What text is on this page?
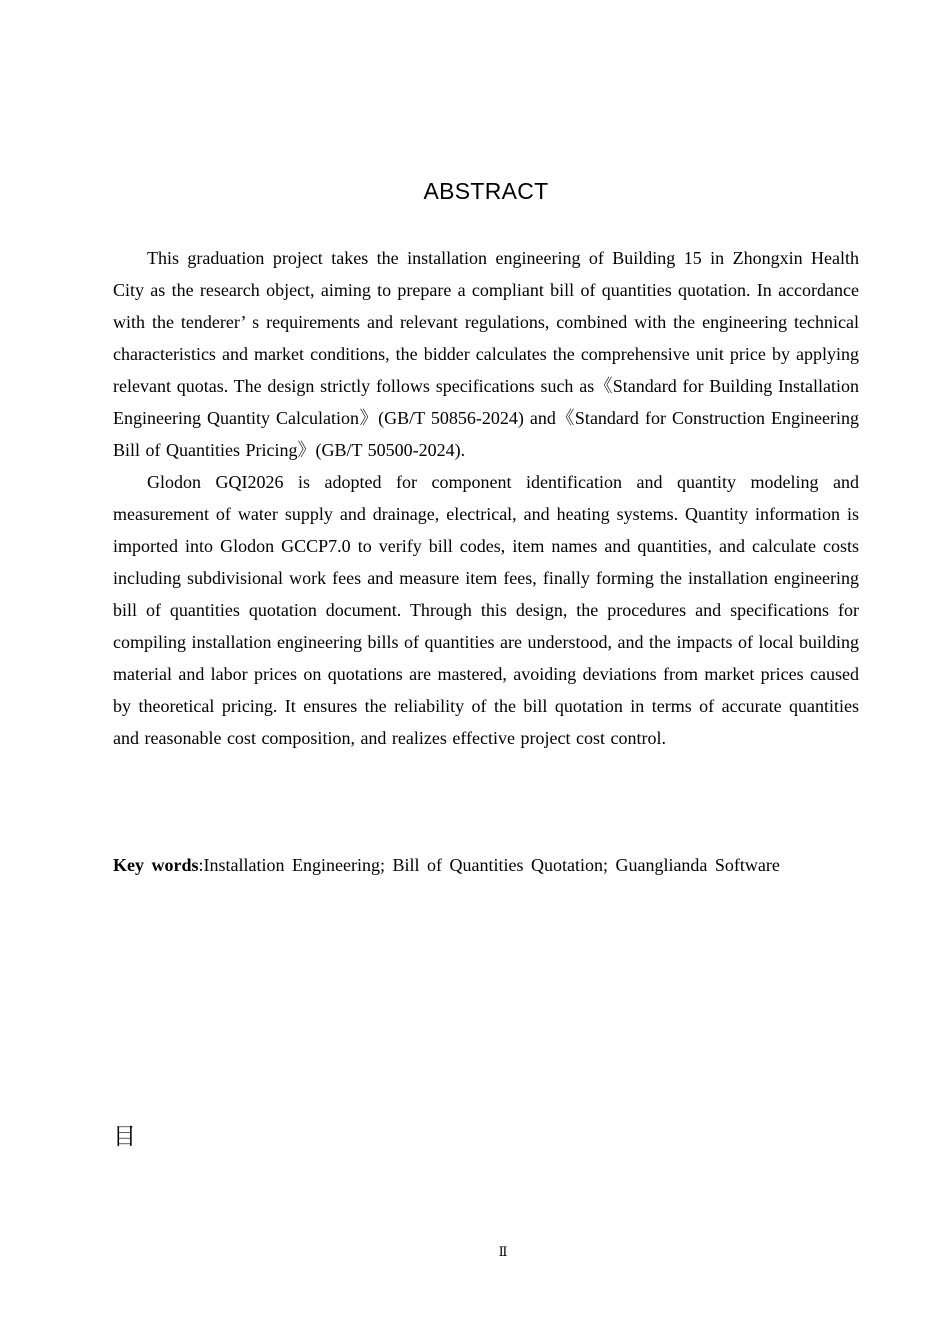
ABSTRACT

This graduation project takes the installation engineering of Building 15 in Zhongxin Health City as the research object, aiming to prepare a compliant bill of quantities quotation. In accordance with the tenderer’ s requirements and relevant regulations, combined with the engineering technical characteristics and market conditions, the bidder calculates the comprehensive unit price by applying relevant quotas. The design strictly follows specifications such as《Standard for Building Installation Engineering Quantity Calculation》(GB/T 50856-2024) and《Standard for Construction Engineering Bill of Quantities Pricing》(GB/T 50500-2024).

Glodon GQI2026 is adopted for component identification and quantity modeling and measurement of water supply and drainage, electrical, and heating systems. Quantity information is imported into Glodon GCCP7.0 to verify bill codes, item names and quantities, and calculate costs including subdivisional work fees and measure item fees, finally forming the installation engineering bill of quantities quotation document. Through this design, the procedures and specifications for compiling installation engineering bills of quantities are understood, and the impacts of local building material and labor prices on quotations are mastered, avoiding deviations from market prices caused by theoretical pricing. It ensures the reliability of the bill quotation in terms of accurate quantities and reasonable cost composition, and realizes effective project cost control.

Key words:Installation Engineering; Bill of Quantities Quotation; Guanglianda Software
目
Ⅱ
